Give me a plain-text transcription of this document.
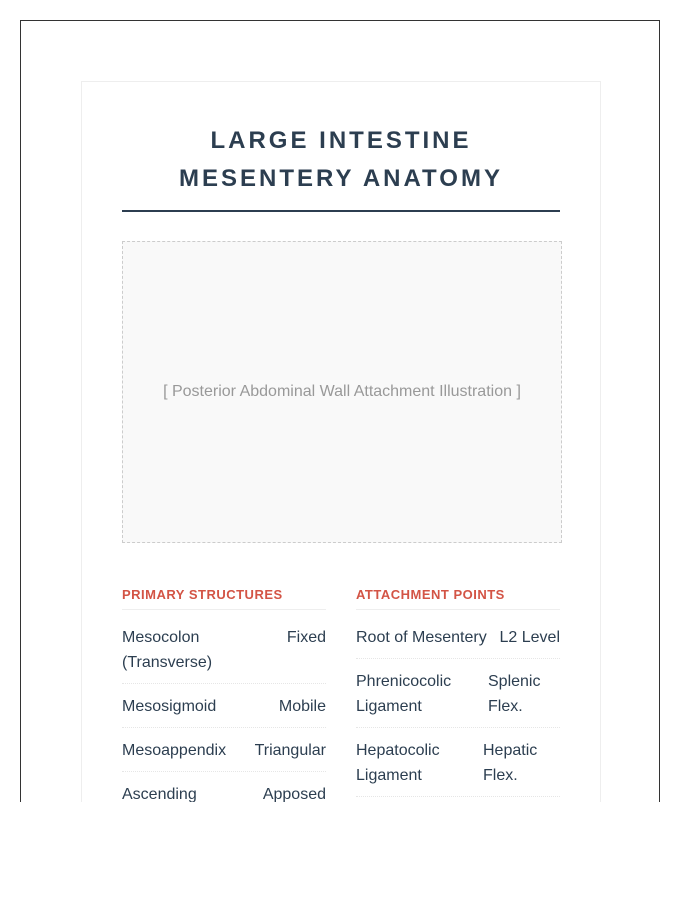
LARGE INTESTINE MESENTERY ANATOMY
[ Posterior Abdominal Wall Attachment Illustration ]
PRIMARY STRUCTURES
Mesocolon (Transverse)
Fixed
Mesosigmoid	Mobile
Mesoappendix Triangular
Ascending	Apposed
ATTACHMENT POINTS
Root of Mesentery L2 Level
Phrenicocolic Ligament
Splenic Flex.
Hepatocolic Ligament
Hepatic Flex.
